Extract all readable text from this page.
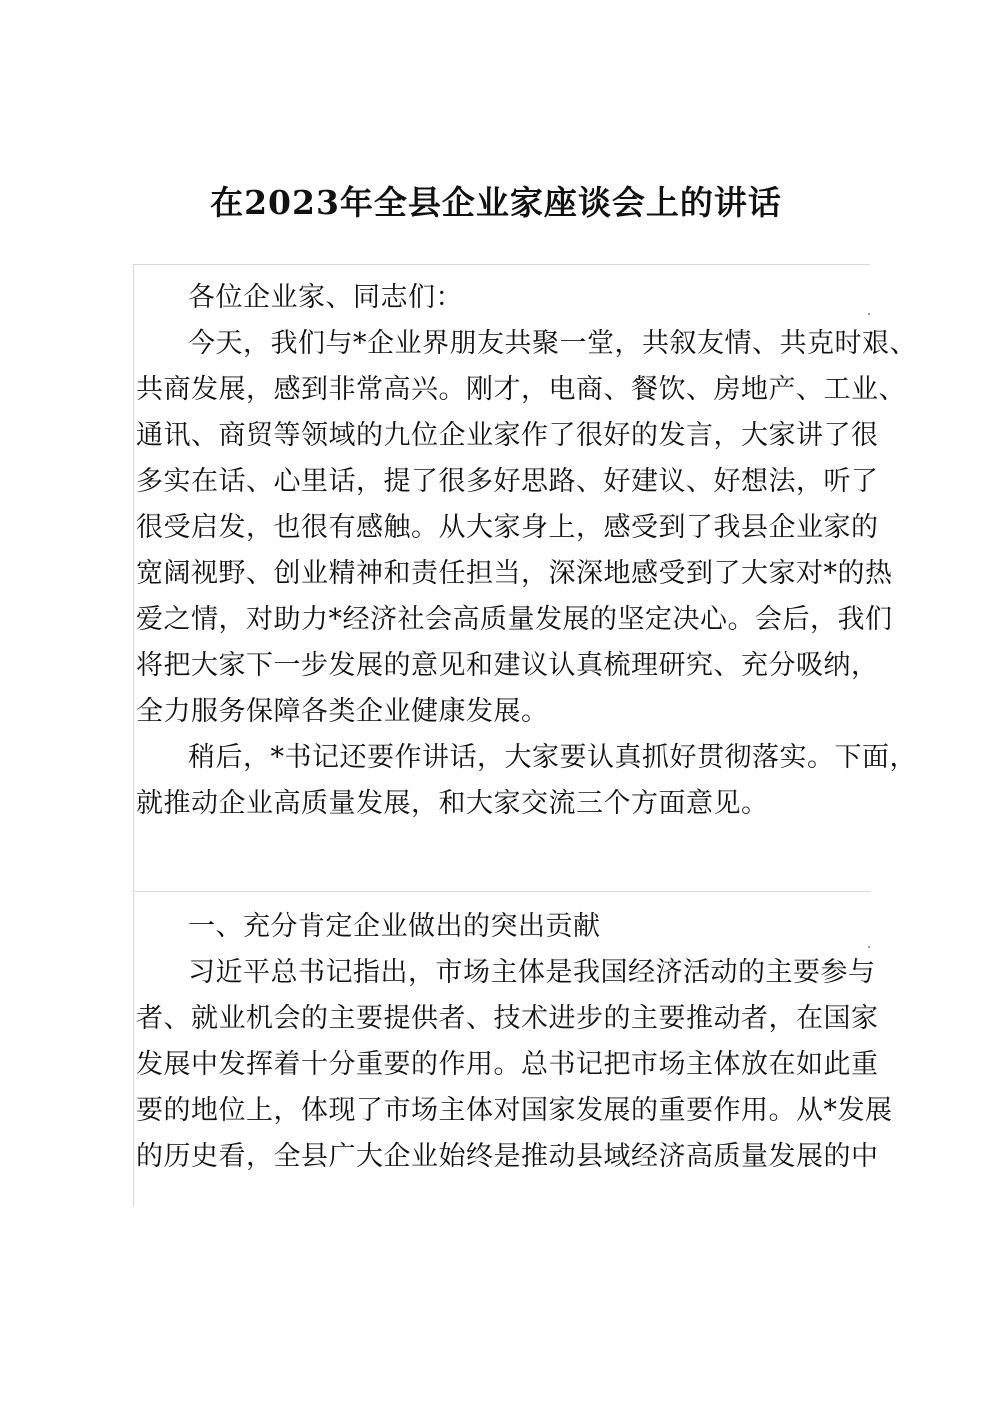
在2023年全县企业家座谈会上的讲话
各位企业家、同志们：
今天，我们与*企业界朋友共聚一堂，共叙友情、共克时艰、
共商发展，感到非常高兴。刚才，电商、餐饮、房地产、工业、
通讯、商贸等领域的九位企业家作了很好的发言，大家讲了很
多实在话、心里话，提了很多好思路、好建议、好想法，听了
很受启发，也很有感触。从大家身上，感受到了我县企业家的
宽阔视野、创业精神和责任担当，深深地感受到了大家对*的热
爱之情，对助力*经济社会高质量发展的坚定决心。会后，我们
将把大家下一步发展的意见和建议认真梳理研究、充分吸纳，
全力服务保障各类企业健康发展。
稍后，*书记还要作讲话，大家要认真抓好贯彻落实。下面，
就推动企业高质量发展，和大家交流三个方面意见。
一、充分肯定企业做出的突出贡献
习近平总书记指出，市场主体是我国经济活动的主要参与
者、就业机会的主要提供者、技术进步的主要推动者，在国家
发展中发挥着十分重要的作用。总书记把市场主体放在如此重
要的地位上，体现了市场主体对国家发展的重要作用。从*发展
的历史看，全县广大企业始终是推动县域经济高质量发展的中
